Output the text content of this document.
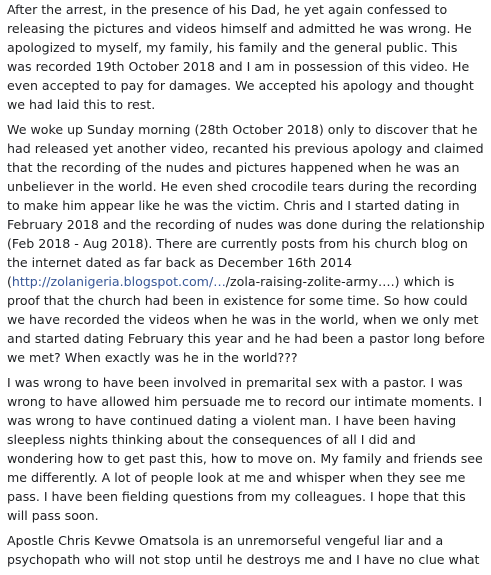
After the arrest, in the presence of his Dad, he yet again confessed to releasing the pictures and videos himself and admitted he was wrong. He apologized to myself, my family, his family and the general public. This was recorded 19th October 2018 and I am in possession of this video. He even accepted to pay for damages. We accepted his apology and thought we had laid this to rest.

We woke up Sunday morning (28th October 2018) only to discover that he had released yet another video, recanted his previous apology and claimed that the recording of the nudes and pictures happened when he was an unbeliever in the world. He even shed crocodile tears during the recording to make him appear like he was the victim. Chris and I started dating in February 2018 and the recording of nudes was done during the relationship (Feb 2018 - Aug 2018). There are currently posts from his church blog on the internet dated as far back as December 16th 2014 (http://zolanigeria.blogspot.com/…/zola-raising-zolite-army….) which is proof that the church had been in existence for some time. So how could we have recorded the videos when he was in the world, when we only met and started dating February this year and he had been a pastor long before we met? When exactly was he in the world???

I was wrong to have been involved in premarital sex with a pastor. I was wrong to have allowed him persuade me to record our intimate moments. I was wrong to have continued dating a violent man. I have been having sleepless nights thinking about the consequences of all I did and wondering how to get past this, how to move on. My family and friends see me differently. A lot of people look at me and whisper when they see me pass. I have been fielding questions from my colleagues. I hope that this will pass soon.

Apostle Chris Kevwe Omatsola is an unremorseful vengeful liar and a psychopath who will not stop until he destroys me and I have no clue what
